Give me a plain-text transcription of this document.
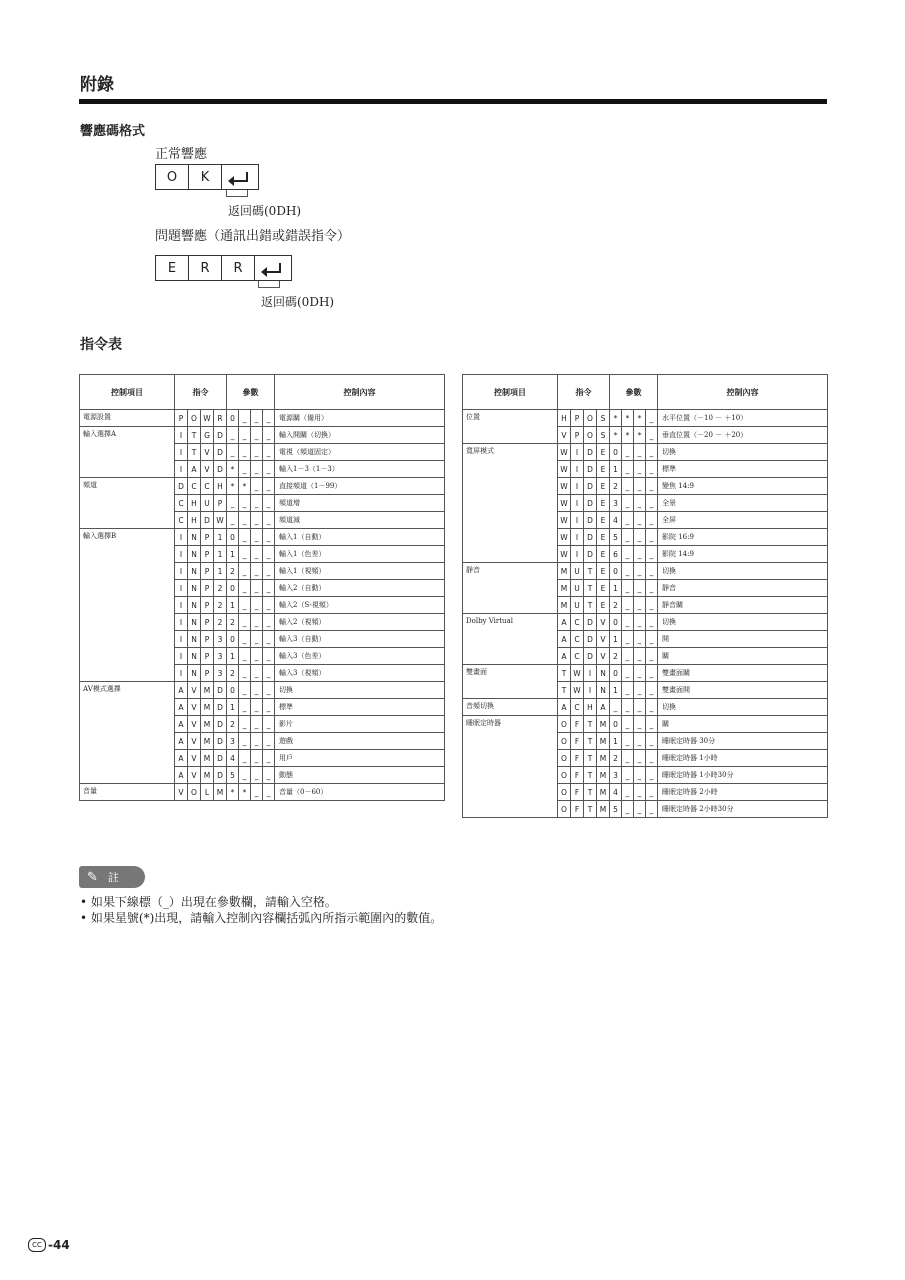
附錄
響應碼格式
正常響應
O	K
返回碼(0DH)
問題響應（通訊出錯或錯誤指令）
E	R	R
返回碼(0DH)
指令表
控制項目	指令				參數				控制內容
電源設置	P	O	W	R	0	_	_	_	電源關（備用）
輸入選擇A	I	T	G	D	_	_	_	_	輸入開關（切換）
	I	T	V	D	_	_	_	_	電視（頻道固定）
	I	A	V	D	*	_	_	_	輸入1－3（1－3）
頻道	D	C	C	H	*	*	_	_	直接頻道（1－99）
	C	H	U	P	_	_	_	_	頻道增
	C	H	D	W	_	_	_	_	頻道減
輸入選擇B	I	N	P	1	0	_	_	_	輸入1（自動）
	I	N	P	1	1	_	_	_	輸入1（色差）
	I	N	P	1	2	_	_	_	輸入1（視頻）
	I	N	P	2	0	_	_	_	輸入2（自動）
	I	N	P	2	1	_	_	_	輸入2（S-視頻）
	I	N	P	2	2	_	_	_	輸入2（視頻）
	I	N	P	3	0	_	_	_	輸入3（自動）
	I	N	P	3	1	_	_	_	輸入3（色差）
	I	N	P	3	2	_	_	_	輸入3（視頻）
AV模式選擇	A	V	M	D	0	_	_	_	切換
	A	V	M	D	1	_	_	_	標準
	A	V	M	D	2	_	_	_	影片
	A	V	M	D	3	_	_	_	遊戲
	A	V	M	D	4	_	_	_	用戶
	A	V	M	D	5	_	_	_	動態
音量	V	O	L	M	*	*	_	_	音量（0－60）
控制項目	指令				參數				控制內容
位置	H	P	O	S	*	*	*	_	水平位置（－10 － ＋10）
	V	P	O	S	*	*	*	_	垂直位置（－20 － ＋20）
寬屏模式	W	I	D	E	0	_	_	_	切換
	W	I	D	E	1	_	_	_	標準
	W	I	D	E	2	_	_	_	變焦 14:9
	W	I	D	E	3	_	_	_	全景
	W	I	D	E	4	_	_	_	全屏
	W	I	D	E	5	_	_	_	影院 16:9
	W	I	D	E	6	_	_	_	影院 14:9
靜音	M	U	T	E	0	_	_	_	切換
	M	U	T	E	1	_	_	_	靜音
	M	U	T	E	2	_	_	_	靜音關
Dolby Virtual	A	C	D	V	0	_	_	_	切換
	A	C	D	V	1	_	_	_	開
	A	C	D	V	2	_	_	_	關
雙畫面	T	W	I	N	0	_	_	_	雙畫面關
	T	W	I	N	1	_	_	_	雙畫面開
音頻切換	A	C	H	A	_	_	_	_	切換
睡眠定時器	O	F	T	M	0	_	_	_	關
	O	F	T	M	1	_	_	_	睡眠定時器 30分
	O	F	T	M	2	_	_	_	睡眠定時器 1小時
	O	F	T	M	3	_	_	_	睡眠定時器 1小時30分
	O	F	T	M	4	_	_	_	睡眠定時器 2小時
	O	F	T	M	5	_	_	_	睡眠定時器 2小時30分
✎ 註
• 如果下線標（_）出現在參數欄，請輸入空格。
• 如果星號(*)出現，請輸入控制內容欄括弧內所指示範圍內的數值。
CC -44
